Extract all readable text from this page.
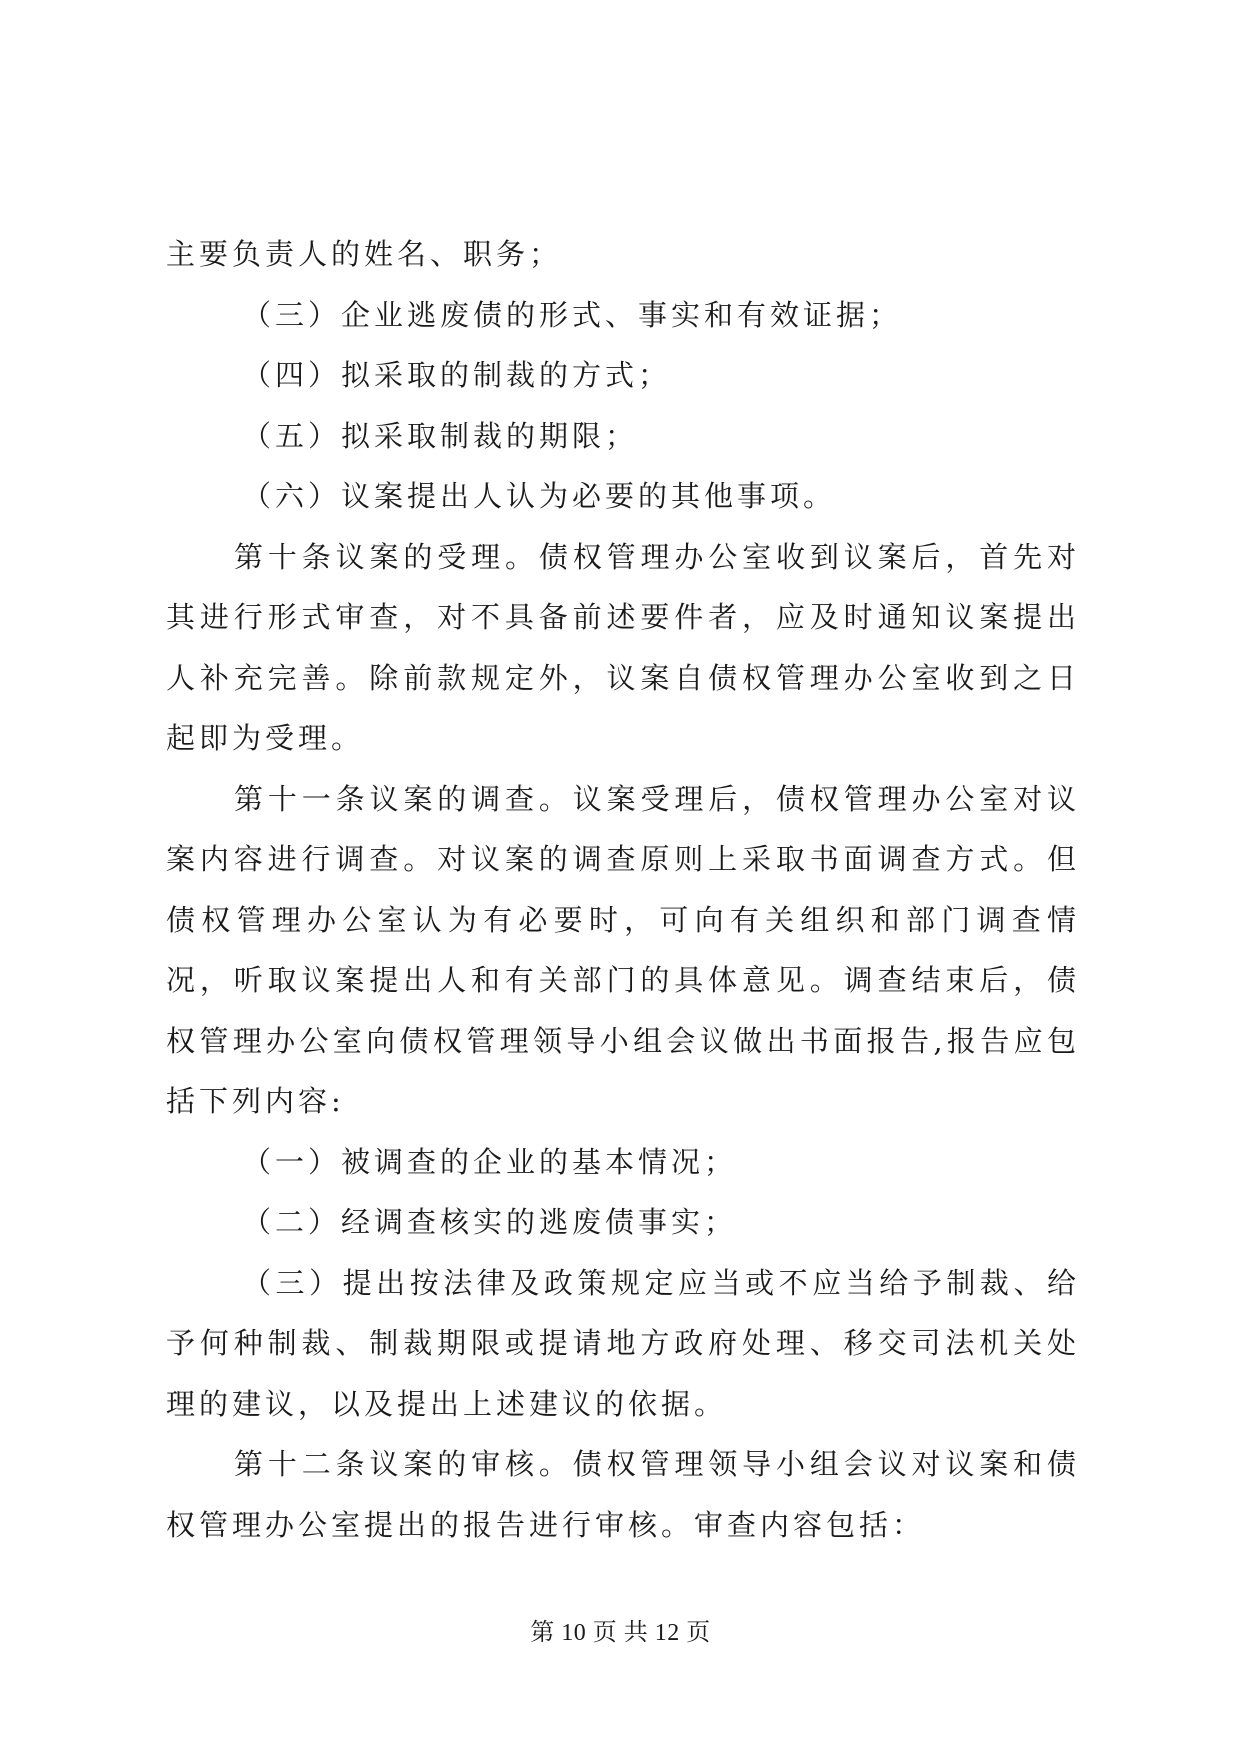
主要负责人的姓名、职务；

（三）企业逃废债的形式、事实和有效证据；

（四）拟采取的制裁的方式；

（五）拟采取制裁的期限；

（六）议案提出人认为必要的其他事项。

第十条议案的受理。债权管理办公室收到议案后，首先对其进行形式审查，对不具备前述要件者，应及时通知议案提出人补充完善。除前款规定外，议案自债权管理办公室收到之日起即为受理。

第十一条议案的调查。议案受理后，债权管理办公室对议案内容进行调查。对议案的调查原则上采取书面调查方式。但债权管理办公室认为有必要时，可向有关组织和部门调查情况，听取议案提出人和有关部门的具体意见。调查结束后，债权管理办公室向债权管理领导小组会议做出书面报告,报告应包括下列内容:

（一）被调查的企业的基本情况；

（二）经调查核实的逃废债事实；

（三）提出按法律及政策规定应当或不应当给予制裁、给予何种制裁、制裁期限或提请地方政府处理、移交司法机关处理的建议，以及提出上述建议的依据。

第十二条议案的审核。债权管理领导小组会议对议案和债权管理办公室提出的报告进行审核。审查内容包括：

第 10 页 共 12 页
